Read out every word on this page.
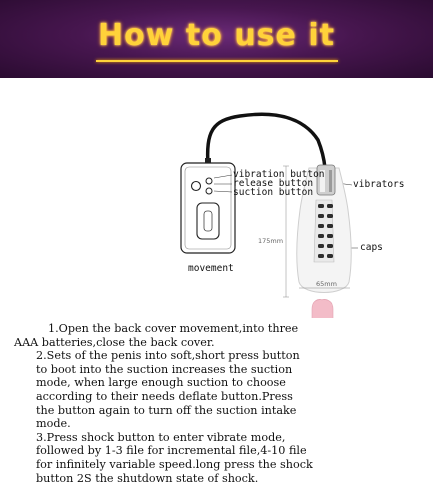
How to use it
vibration button
release button
suction button
vibrators
caps
movement
175mm
65mm

1.Open the back cover movement,into three AAA batteries,close the back cover.

2.Sets of the penis into soft,short press button to boot into the suction increases the suction mode, when large enough suction to choose according to their needs deflate button.Press the button again to turn off the suction intake mode.

3.Press shock button to enter vibrate mode, followed by 1-3 file for incremental file,4-10 file for infinitely variable speed.long press the shock button 2S the shutdown state of shock.
